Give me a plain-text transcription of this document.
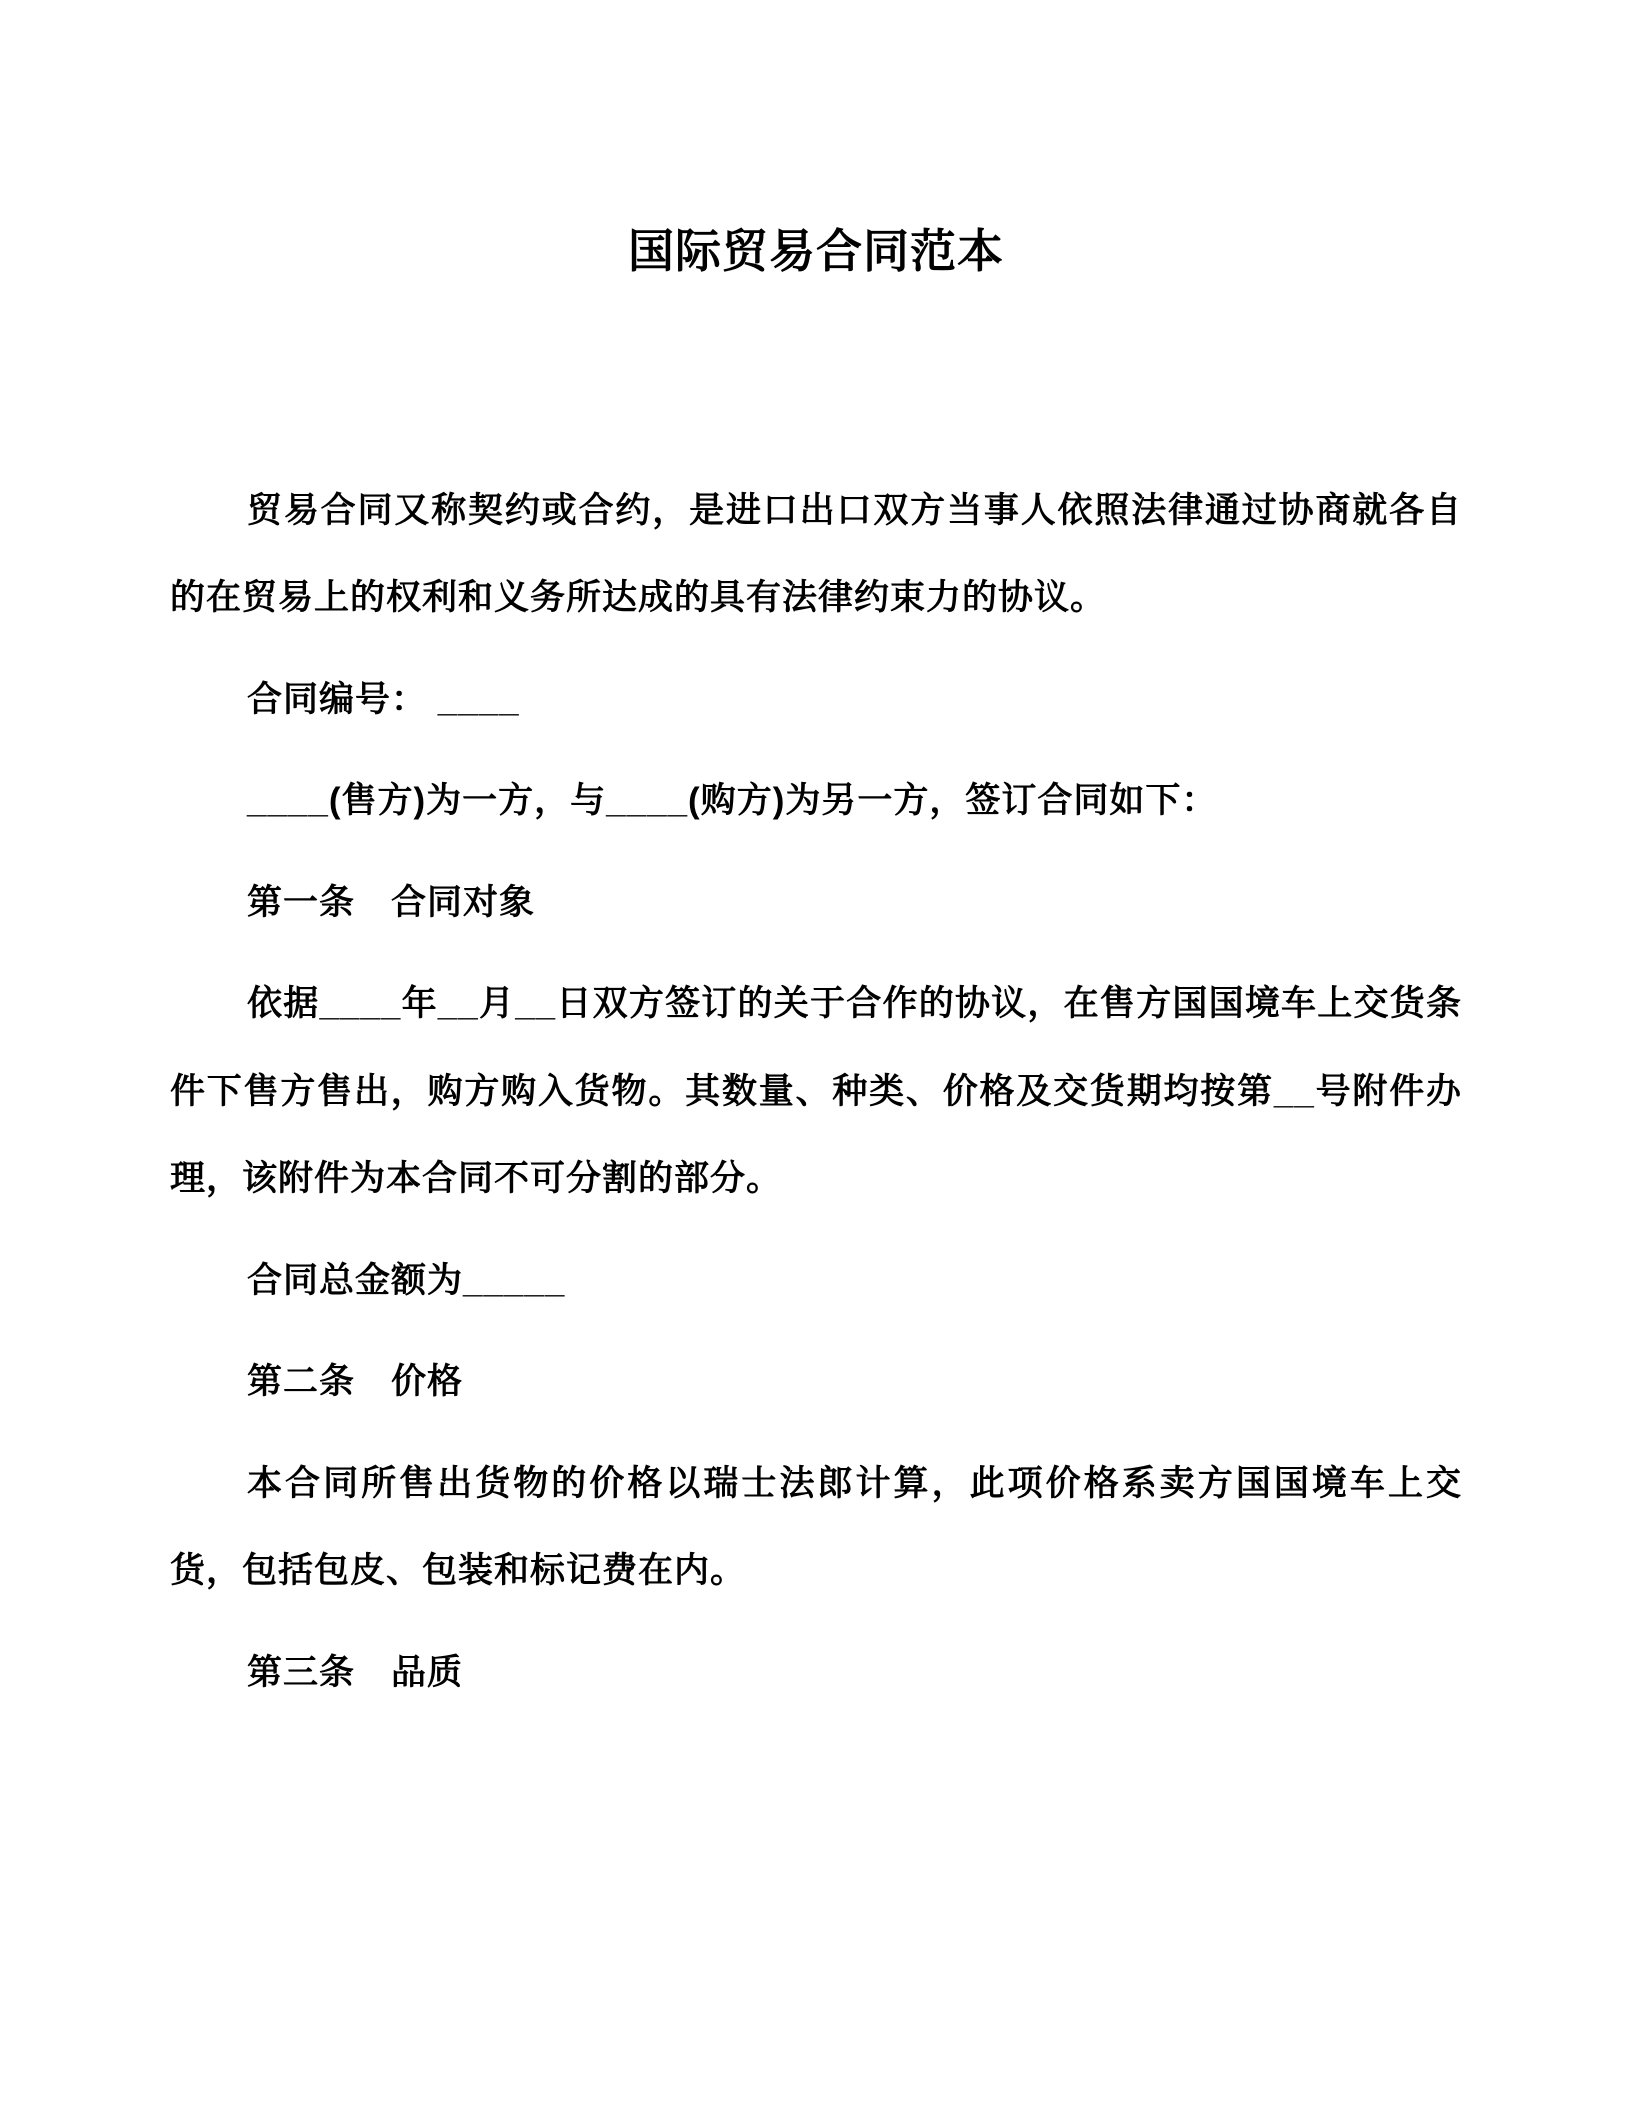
国际贸易合同范本

贸易合同又称契约或合约，是进口出口双方当事人依照法律通过协商就各自的在贸易上的权利和义务所达成的具有法律约束力的协议。

合同编号： ____

____(售方)为一方，与____(购方)为另一方，签订合同如下：

第一条　合同对象

依据____年__月__日双方签订的关于合作的协议，在售方国国境车上交货条件下售方售出，购方购入货物。其数量、种类、价格及交货期均按第__号附件办理，该附件为本合同不可分割的部分。

合同总金额为_____

第二条　价格

本合同所售出货物的价格以瑞士法郎计算，此项价格系卖方国国境车上交货，包括包皮、包装和标记费在内。

第三条　品质
